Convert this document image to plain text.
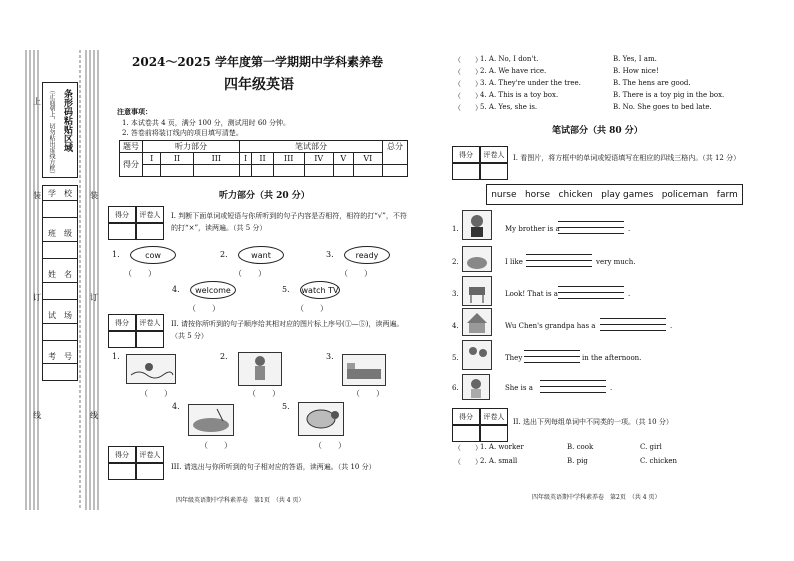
条形码粘贴区域
（正面朝上，切勿贴出虚线方框）
学　校
班　级
姓　名
试　场
考　号
上
装
订
线
装
订
线
2024～2025 学年度第一学期期中学科素养卷
四年级英语
注意事项：
1. 本试卷共 4 页，满分 100 分，测试用时 60 分钟。
2. 答卷前将装订线内的项目填写清楚。
题号	听力部分			笔试部分						总分
得分	I	II	III	I	II	III	IV	V	VI	

听力部分（共 20 分）
得分	评卷人	I. 判断下面单词或短语与你所听到的句子内容是否相符，相符的打“√”，不符的打“×”，读两遍。（共 5 分）
1.	cow
（　　）
2.	want
（　　）
3.	ready
（　　）
4.	welcome
（　　）
5. watch TV
（　　）
得分	评卷人	II. 请按你所听到的句子顺序给其相对应的图片标上序号(①—⑤)，读两遍。（共 5 分）
1.
（　　）
2.
（　　）
3.
（　　）
4.
（　　）
5.
（　　）
得分	评卷人
III. 请选出与你所听到的句子相对应的答语，读两遍。（共 10 分）
四年级英语期中学科素养卷　第1页　（共 4 页）
（　　）
1. A. No, I don't.	B. Yes, I am.
（　　）
2. A. We have rice.	B. How nice!
（　　）
3. A. They're under the tree.	B. The hens are good.
（　　）
4. A. This is a toy box.	B. There is a toy pig in the box.
（　　）
5. A. Yes, she is.	B. No. She goes to bed late.
笔试部分（共 80 分）
得分	评卷人	I. 看图片，将方框中的单词或短语填写在相应的四线三格内。（共 12 分）
nurse horse chicken play games policeman farm
1.	My brother is a	.
2.	I like	very much.
3.	Look! That is a	.
4.	Wu Chen's grandpa has a	.
5.	They	in the afternoon.
6.	She is a	.
得分	评卷人
II. 选出下列每组单词中不同类的一项。（共 10 分）
（　　）
1. A. worker	B. cook	C. girl
（　　）
2. A. small	B. pig	C. chicken
四年级英语期中学科素养卷　第2页　（共 4 页）
